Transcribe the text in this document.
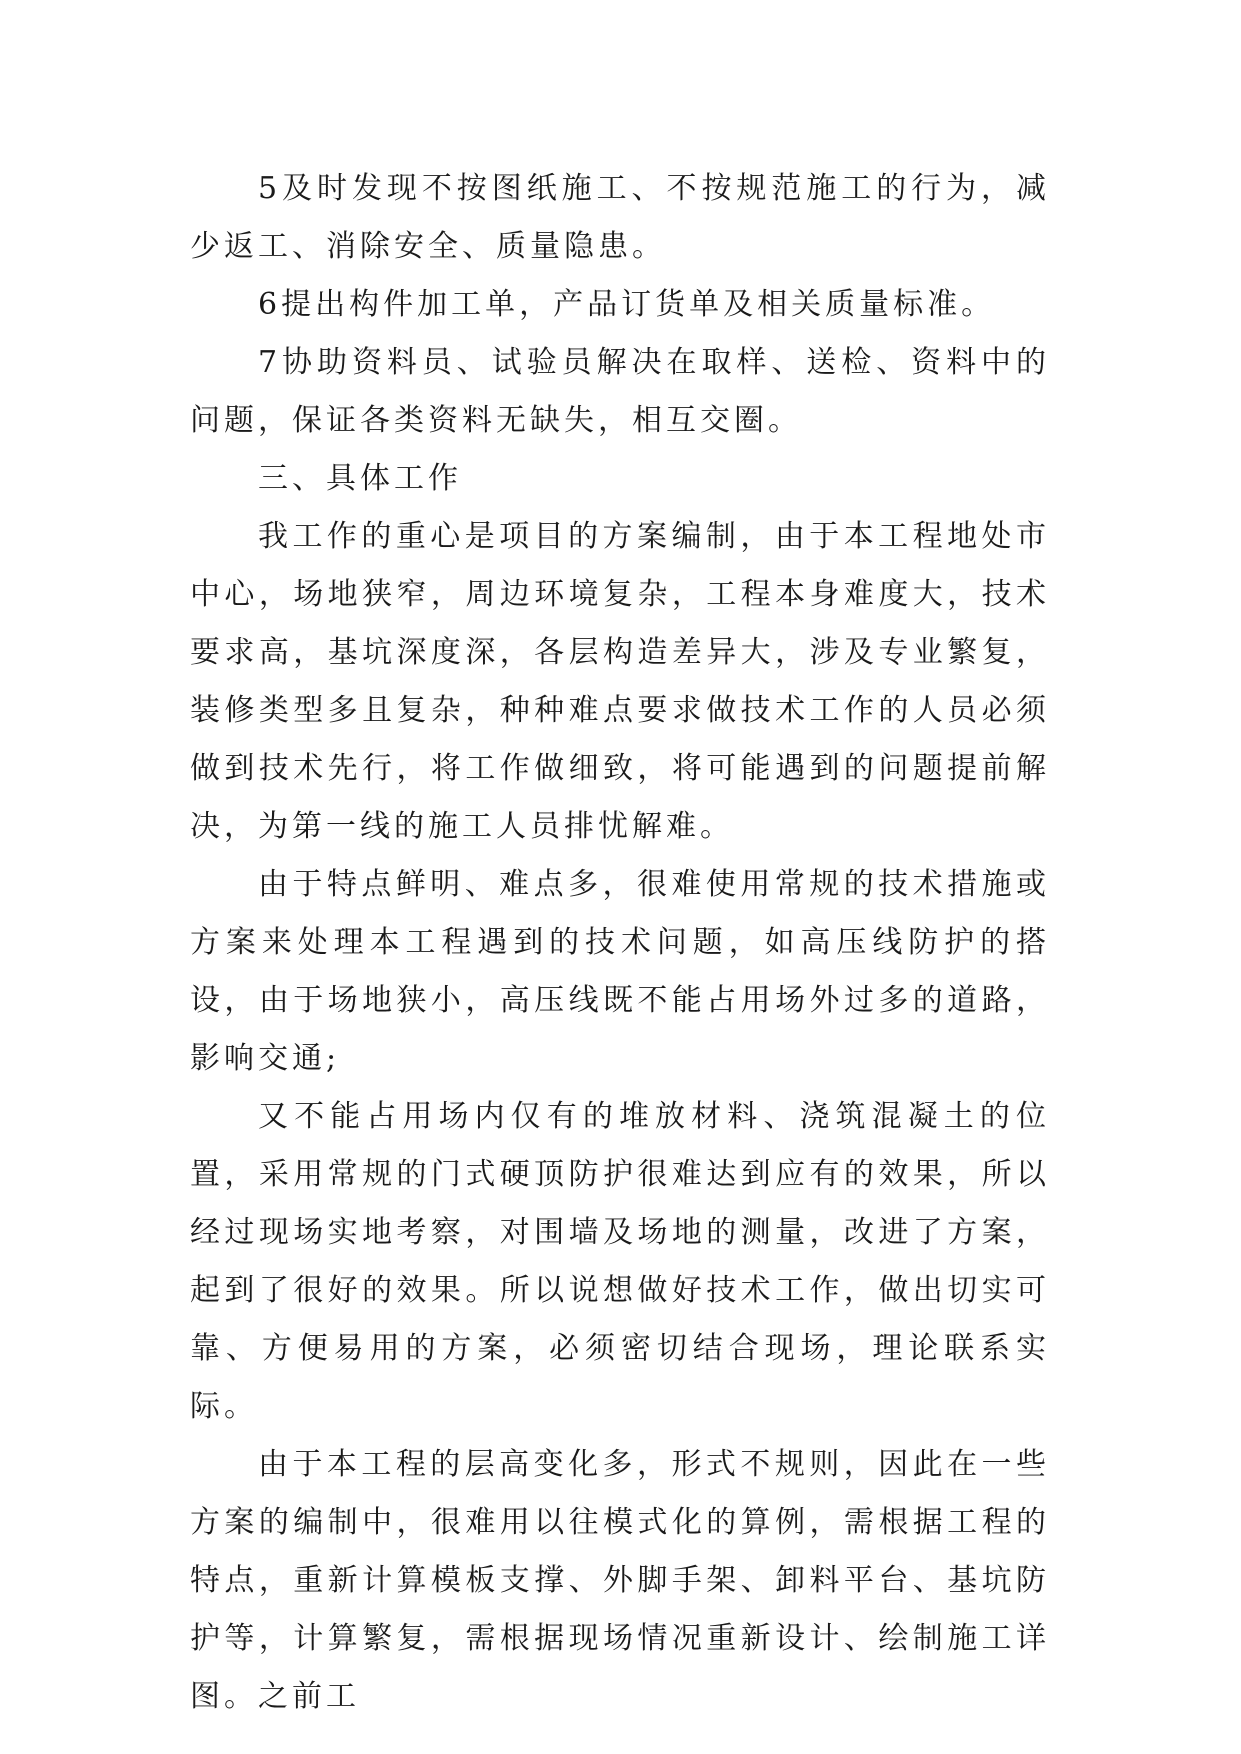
5及时发现不按图纸施工、不按规范施工的行为，减少返工、消除安全、质量隐患。

6提出构件加工单，产品订货单及相关质量标准。

7协助资料员、试验员解决在取样、送检、资料中的问题，保证各类资料无缺失，相互交圈。

三、具体工作

我工作的重心是项目的方案编制，由于本工程地处市中心，场地狭窄，周边环境复杂，工程本身难度大，技术要求高，基坑深度深，各层构造差异大，涉及专业繁复，装修类型多且复杂，种种难点要求做技术工作的人员必须做到技术先行，将工作做细致，将可能遇到的问题提前解决，为第一线的施工人员排忧解难。

由于特点鲜明、难点多，很难使用常规的技术措施或方案来处理本工程遇到的技术问题，如高压线防护的搭设，由于场地狭小，高压线既不能占用场外过多的道路，影响交通;

又不能占用场内仅有的堆放材料、浇筑混凝土的位置，采用常规的门式硬顶防护很难达到应有的效果，所以经过现场实地考察，对围墙及场地的测量，改进了方案，起到了很好的效果。所以说想做好技术工作，做出切实可靠、方便易用的方案，必须密切结合现场，理论联系实际。

由于本工程的层高变化多，形式不规则，因此在一些方案的编制中，很难用以往模式化的算例，需根据工程的特点，重新计算模板支撑、外脚手架、卸料平台、基坑防护等，计算繁复，需根据现场情况重新设计、绘制施工详图。之前工
